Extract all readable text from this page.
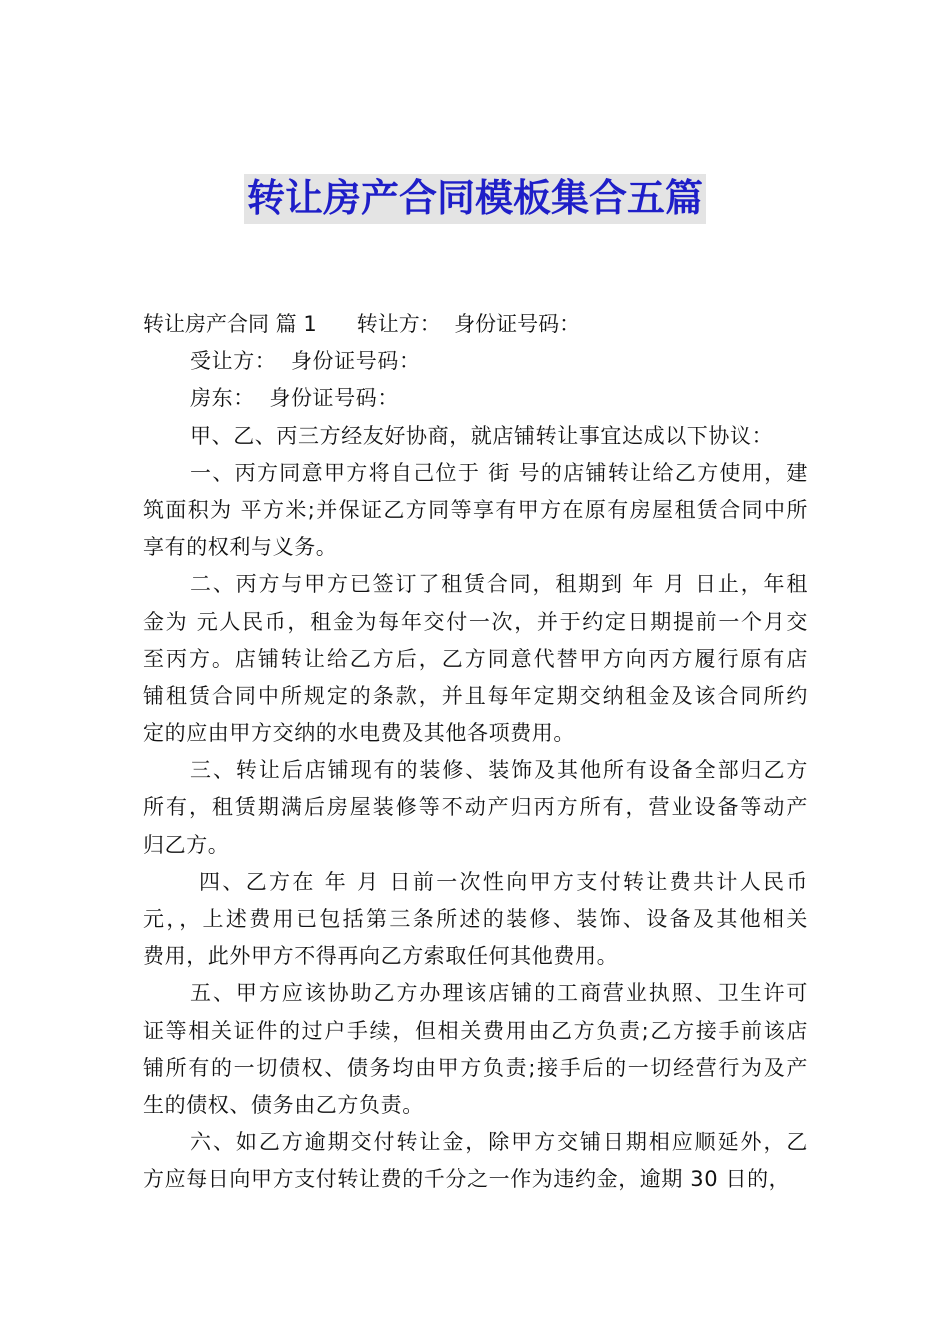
转让房产合同模板集合五篇
转让房产合同 篇 1 转让方：  身份证号码：
受让方：  身份证号码：
房东：  身份证号码：
甲、乙、丙三方经友好协商，就店铺转让事宜达成以下协议：
一、丙方同意甲方将自己位于 街 号的店铺转让给乙方使用，建
筑面积为 平方米;并保证乙方同等享有甲方在原有房屋租赁合同中所
享有的权利与义务。
二、丙方与甲方已签订了租赁合同，租期到 年 月 日止，年租
金为 元人民币，租金为每年交付一次，并于约定日期提前一个月交
至丙方。店铺转让给乙方后，乙方同意代替甲方向丙方履行原有店
铺租赁合同中所规定的条款，并且每年定期交纳租金及该合同所约
定的应由甲方交纳的水电费及其他各项费用。
三、转让后店铺现有的装修、装饰及其他所有设备全部归乙方
所有，租赁期满后房屋装修等不动产归丙方所有，营业设备等动产
归乙方。
四、乙方在 年 月 日前一次性向甲方支付转让费共计人民币
元，，上述费用已包括第三条所述的装修、装饰、设备及其他相关
费用，此外甲方不得再向乙方索取任何其他费用。
五、甲方应该协助乙方办理该店铺的工商营业执照、卫生许可
证等相关证件的过户手续，但相关费用由乙方负责;乙方接手前该店
铺所有的一切债权、债务均由甲方负责;接手后的一切经营行为及产
生的债权、债务由乙方负责。
六、如乙方逾期交付转让金，除甲方交铺日期相应顺延外，乙
方应每日向甲方支付转让费的千分之一作为违约金，逾期 30 日的，
